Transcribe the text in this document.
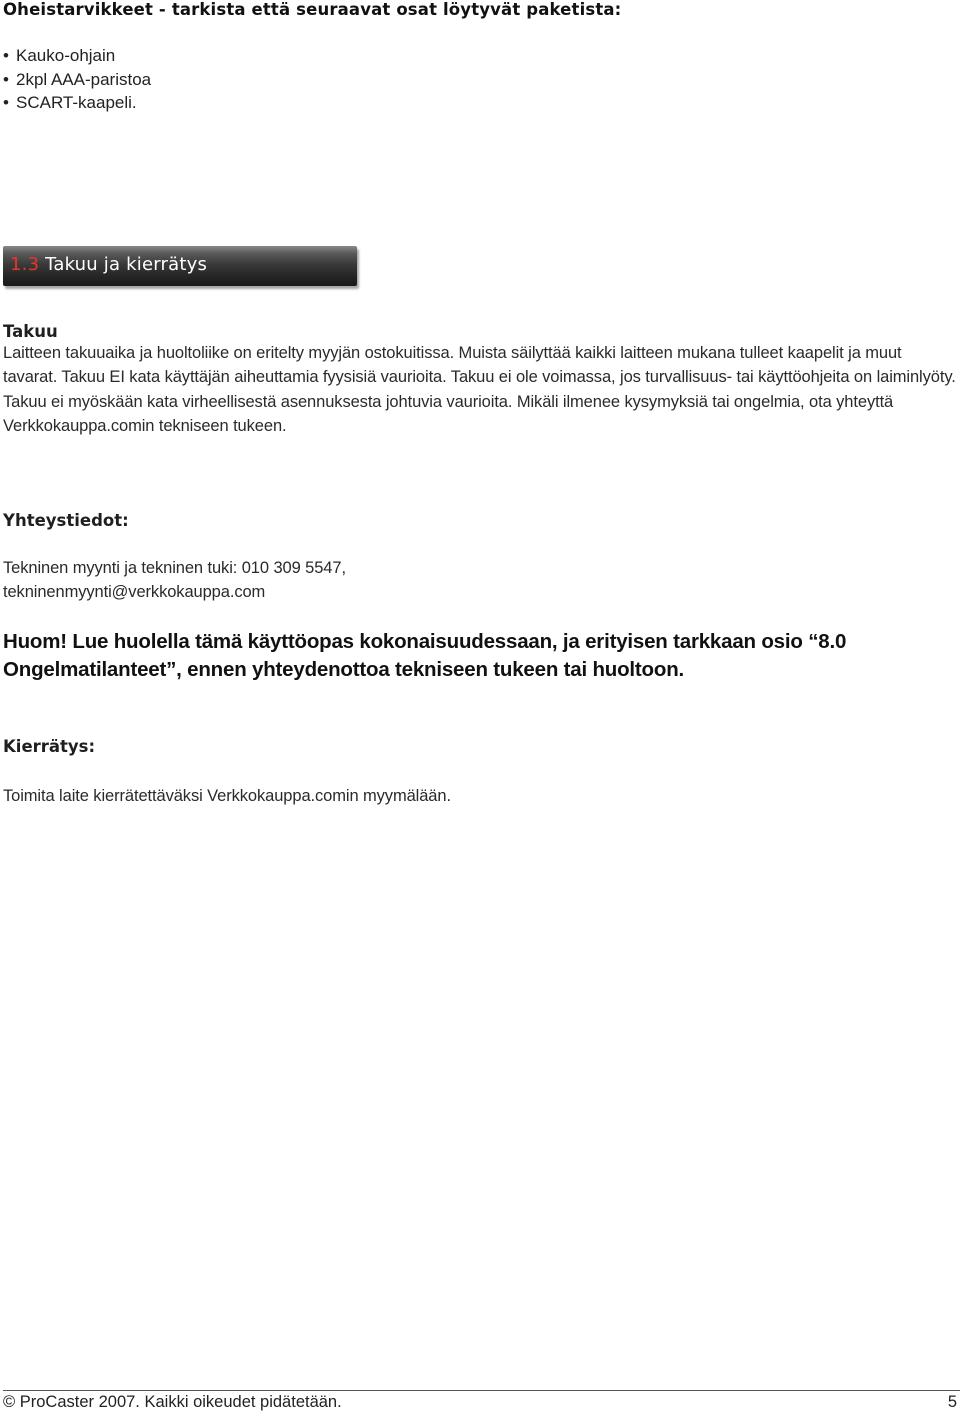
Oheistarvikkeet - tarkista että seuraavat osat löytyvät paketista:
• Kauko-ohjain
• 2kpl AAA-paristoa
• SCART-kaapeli.
1.3 Takuu ja kierrätys
Takuu
Laitteen takuuaika ja huoltoliike on eritelty myyjän ostokuitissa. Muista säilyttää kaikki laitteen mukana tulleet kaapelit ja muut tavarat. Takuu EI kata käyttäjän aiheuttamia fyysisiä vaurioita. Takuu ei ole voimassa, jos turvallisuus- tai käyttöohjeita on laiminlyöty. Takuu ei myöskään kata virheellisestä asennuksesta johtuvia vaurioita. Mikäli ilmenee kysymyksiä tai ongelmia, ota yhteyttä Verkkokauppa.comin tekniseen tukeen.
Yhteystiedot:
Tekninen myynti ja tekninen tuki: 010 309 5547,
tekninenmyynti@verkkokauppa.com
Huom! Lue huolella tämä käyttöopas kokonaisuudessaan, ja erityisen tarkkaan osio “8.0 Ongelmatilanteet”, ennen yhteydenottoa tekniseen tukeen tai huoltoon.
Kierrätys:
Toimita laite kierrätettäväksi Verkkokauppa.comin myymälään.
© ProCaster 2007. Kaikki oikeudet pidätetään.	5
